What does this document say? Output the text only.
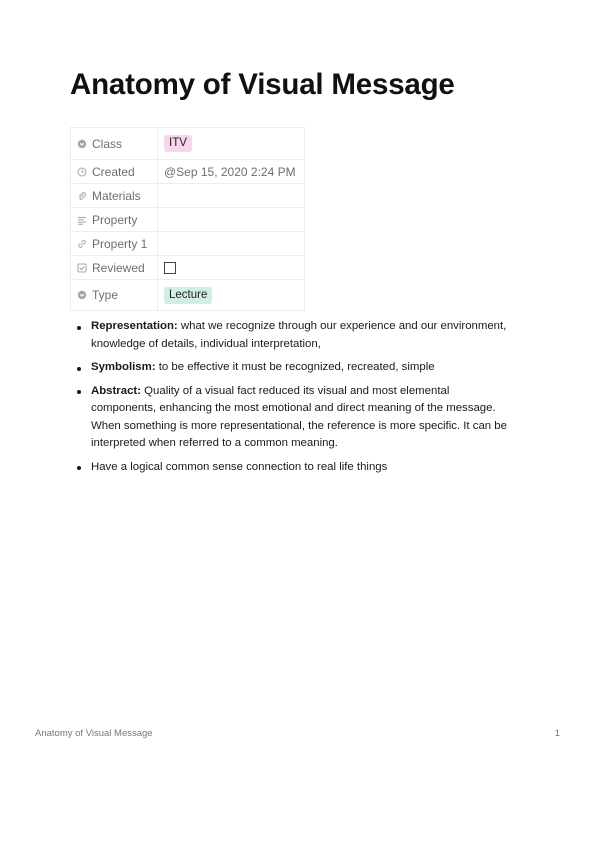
Anatomy of Visual Message
Class	ITV
Created	@Sep 15, 2020 2:24 PM
Materials	
Property	
Property 1	
Reviewed	
Type	Lecture
Representation: what we recognize through our experience and our environment, knowledge of details, individual interpretation,
Symbolism: to be effective it must be recognized, recreated, simple
Abstract: Quality of a visual fact reduced its visual and most elemental components, enhancing the most emotional and direct meaning of the message. When something is more representational, the reference is more specific. It can be interpreted when referred to a common meaning.
Have a logical common sense connection to real life things
Anatomy of Visual Message	1
